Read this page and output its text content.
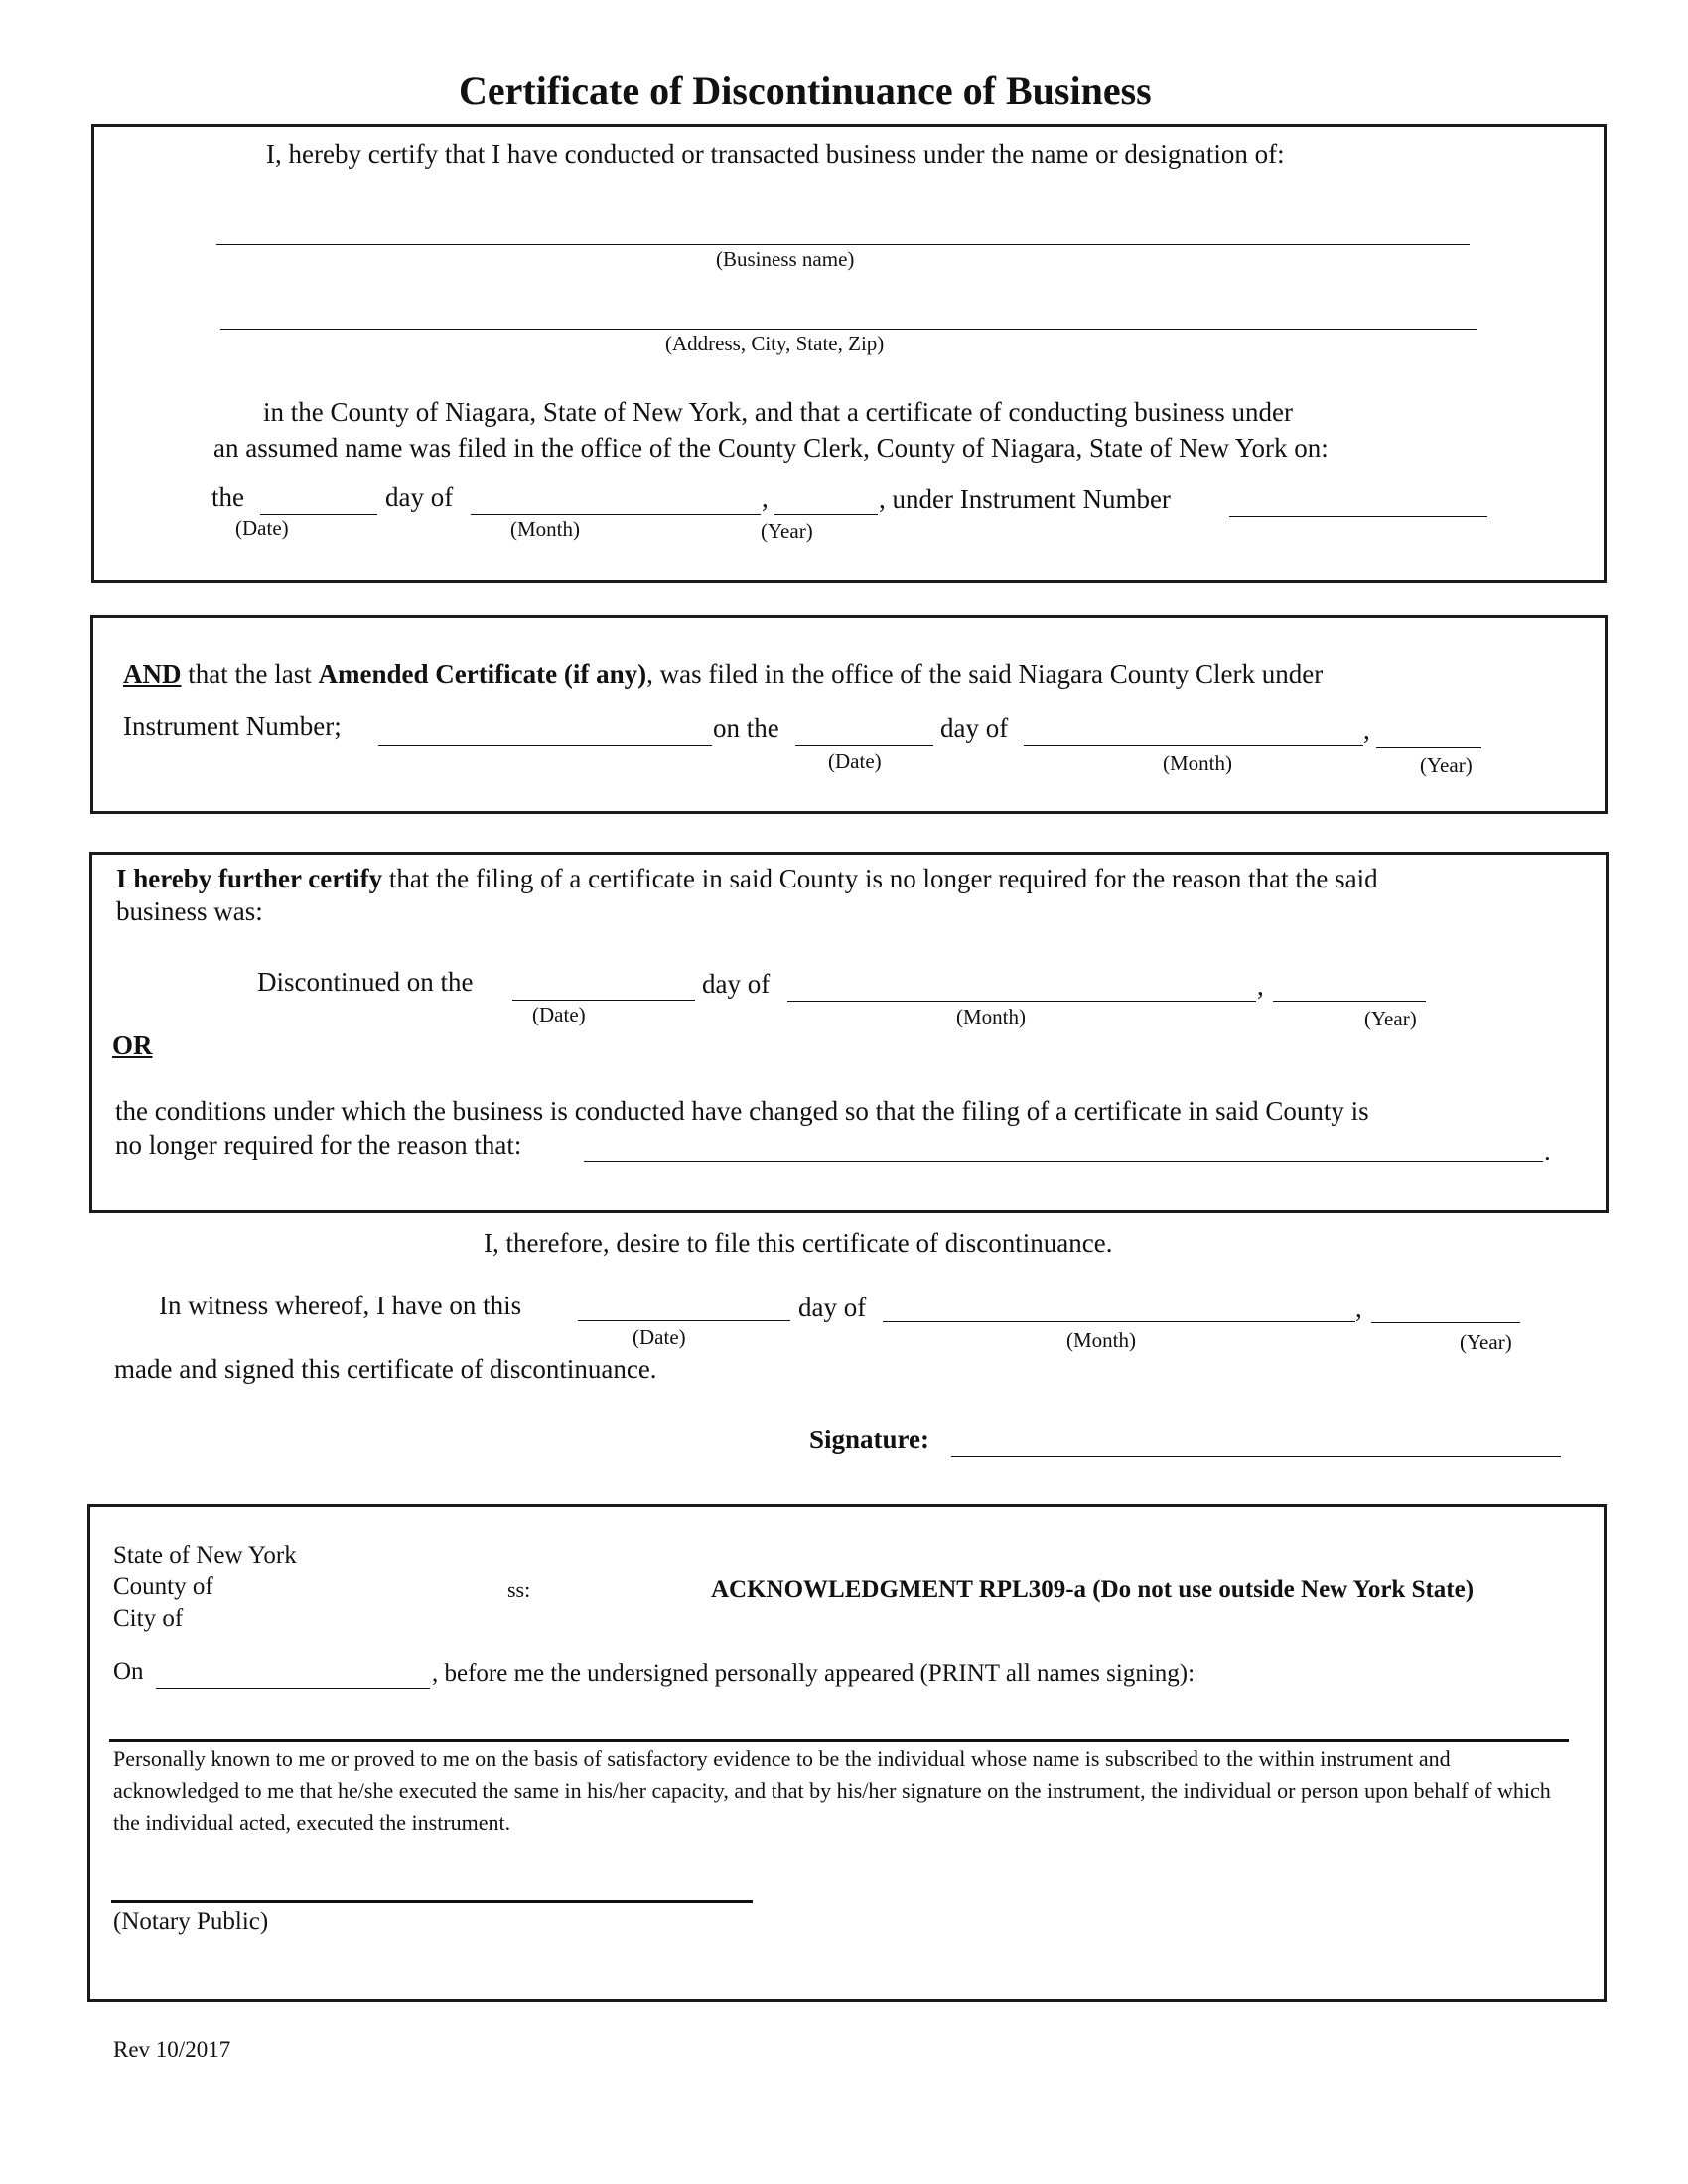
Certificate of Discontinuance of Business
I, hereby certify that I have conducted or transacted business under the name or designation of:
(Business name)
(Address, City, State, Zip)
in the County of Niagara, State of New York, and that a certificate of conducting business under
an assumed name was filed in the office of the County Clerk, County of Niagara, State of New York on:
the	day of	,	, under Instrument Number
(Date)	(Month)	(Year)
AND that the last Amended Certificate (if any), was filed in the office of the said Niagara County Clerk under
Instrument Number;	on the	day of	,
(Date)	(Month)	(Year)
I hereby further certify that the filing of a certificate in said County is no longer required for the reason that the said
business was:
Discontinued on the	day of	,
(Date)	(Month)	(Year)
OR
the conditions under which the business is conducted have changed so that the filing of a certificate in said County is
no longer required for the reason that:	.
I, therefore, desire to file this certificate of discontinuance.
In witness whereof, I have on this	day of	,
(Date)	(Month)	(Year)
made and signed this certificate of discontinuance.
Signature:
State of New York
County of
City of
ss:	ACKNOWLEDGMENT RPL309-a (Do not use outside New York State)
On	, before me the undersigned personally appeared (PRINT all names signing):
Personally known to me or proved to me on the basis of satisfactory evidence to be the individual whose name is subscribed to the within instrument and acknowledged to me that he/she executed the same in his/her capacity, and that by his/her signature on the instrument, the individual or person upon behalf of which the individual acted, executed the instrument.
(Notary Public)
Rev 10/2017
